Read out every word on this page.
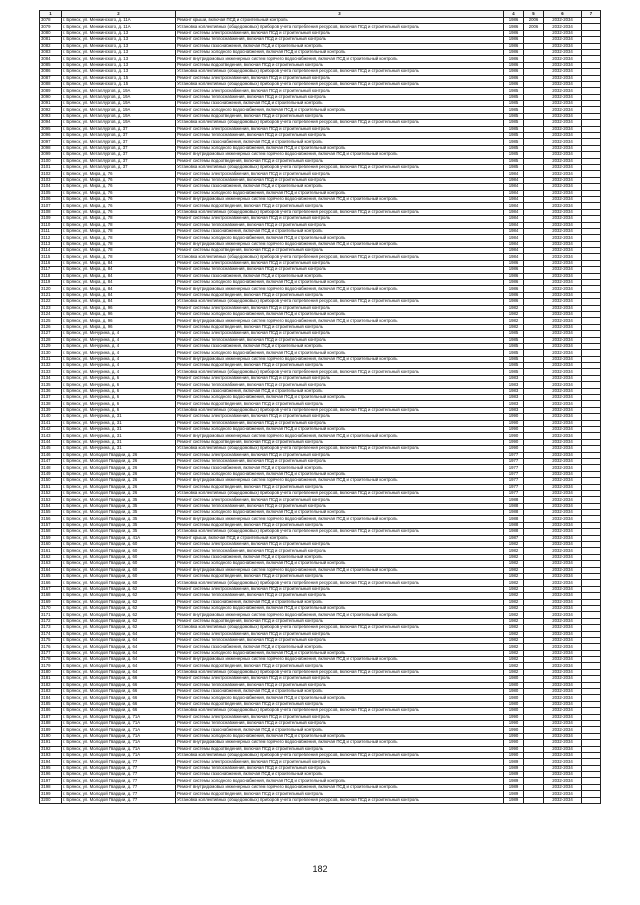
1	2	3	4	5	6	7
3078	г. Брянск, ул. Менжинского, д. 11А	Ремонт крыши, включая ПСД и строительный контроль	1986	2006	2032-2034	
3079	г. Брянск, ул. Менжинского, д. 11А	Установка коллективных (общедомовых) приборов учета потребления ресурсов, включая ПСД и строительный контроль	1986	2006	2032-2034	
3080	г. Брянск, ул. Менжинского, д. 13	Ремонт системы электроснабжения, включая ПСД и строительный контроль	1986		2032-2034	
3081	г. Брянск, ул. Менжинского, д. 13	Ремонт системы теплоснабжения, включая ПСД и строительный контроль	1986		2032-2034	
3082	г. Брянск, ул. Менжинского, д. 13	Ремонт системы газоснабжения, включая ПСД и строительный контроль	1986		2032-2034	
3083	г. Брянск, ул. Менжинского, д. 13	Ремонт системы холодного водоснабжения, включая ПСД и строительный контроль	1986		2032-2034	
3084	г. Брянск, ул. Менжинского, д. 13	Ремонт внутридомовых инженерных систем горячего водоснабжения, включая ПСД и строительный контроль	1986		2032-2034	
3085	г. Брянск, ул. Менжинского, д. 13	Ремонт системы водоотведения, включая ПСД и строительный контроль	1986		2032-2034	
3086	г. Брянск, ул. Менжинского, д. 13	Установка коллективных (общедомовых) приборов учета потребления ресурсов, включая ПСД и строительный контроль	1986		2032-2034	
3087	г. Брянск, ул. Менжинского, д. 15	Ремонт системы электроснабжения, включая ПСД и строительный контроль	1986		2032-2034	
3088	г. Брянск, ул. Менжинского, д. 15	Установка коллективных (общедомовых) приборов учета потребления ресурсов, включая ПСД и строительный контроль	1986		2032-2034	
3089	г. Брянск, ул. Металлургов, д. 19А	Ремонт системы электроснабжения, включая ПСД и строительный контроль	1985		2032-2034	
3090	г. Брянск, ул. Металлургов, д. 19А	Ремонт системы теплоснабжения, включая ПСД и строительный контроль	1985		2032-2034	
3091	г. Брянск, ул. Металлургов, д. 19А	Ремонт системы газоснабжения, включая ПСД и строительный контроль	1985		2032-2034	
3092	г. Брянск, ул. Металлургов, д. 19А	Ремонт системы холодного водоснабжения, включая ПСД и строительный контроль	1985		2032-2034	
3093	г. Брянск, ул. Металлургов, д. 19А	Ремонт системы водоотведения, включая ПСД и строительный контроль	1985		2032-2034	
3094	г. Брянск, ул. Металлургов, д. 19А	Установка коллективных (общедомовых) приборов учета потребления ресурсов, включая ПСД и строительный контроль	1985		2032-2034	
3095	г. Брянск, ул. Металлургов, д. 37	Ремонт системы электроснабжения, включая ПСД и строительный контроль	1985		2032-2034	
3096	г. Брянск, ул. Металлургов, д. 37	Ремонт системы теплоснабжения, включая ПСД и строительный контроль	1985		2032-2034	
3097	г. Брянск, ул. Металлургов, д. 37	Ремонт системы газоснабжения, включая ПСД и строительный контроль	1985		2032-2034	
3098	г. Брянск, ул. Металлургов, д. 37	Ремонт системы холодного водоснабжения, включая ПСД и строительный контроль	1985		2032-2034	
3099	г. Брянск, ул. Металлургов, д. 37	Ремонт внутридомовых инженерных систем горячего водоснабжения, включая ПСД и строительный контроль	1985		2032-2034	
3100	г. Брянск, ул. Металлургов, д. 37	Ремонт системы водоотведения, включая ПСД и строительный контроль	1985		2032-2034	
3101	г. Брянск, ул. Металлургов, д. 37	Установка коллективных (общедомовых) приборов учета потребления ресурсов, включая ПСД и строительный контроль	1985		2032-2034	
3102	г. Брянск, ул. Мира, д. 76	Ремонт системы электроснабжения, включая ПСД и строительный контроль	1984		2032-2034	
3103	г. Брянск, ул. Мира, д. 76	Ремонт системы теплоснабжения, включая ПСД и строительный контроль	1984		2032-2034	
3104	г. Брянск, ул. Мира, д. 76	Ремонт системы газоснабжения, включая ПСД и строительный контроль	1984		2032-2034	
3105	г. Брянск, ул. Мира, д. 76	Ремонт системы холодного водоснабжения, включая ПСД и строительный контроль	1984		2032-2034	
3106	г. Брянск, ул. Мира, д. 76	Ремонт внутридомовых инженерных систем горячего водоснабжения, включая ПСД и строительный контроль	1984		2032-2034	
3107	г. Брянск, ул. Мира, д. 76	Ремонт системы водоотведения, включая ПСД и строительный контроль	1984		2032-2034	
3108	г. Брянск, ул. Мира, д. 76	Установка коллективных (общедомовых) приборов учета потребления ресурсов, включая ПСД и строительный контроль	1984		2032-2034	
3109	г. Брянск, ул. Мира, д. 78	Ремонт системы электроснабжения, включая ПСД и строительный контроль	1984		2032-2034	
3110	г. Брянск, ул. Мира, д. 78	Ремонт системы теплоснабжения, включая ПСД и строительный контроль	1984		2032-2034	
3111	г. Брянск, ул. Мира, д. 78	Ремонт системы газоснабжения, включая ПСД и строительный контроль	1984		2032-2034	
3112	г. Брянск, ул. Мира, д. 78	Ремонт системы холодного водоснабжения, включая ПСД и строительный контроль	1984		2032-2034	
3113	г. Брянск, ул. Мира, д. 78	Ремонт внутридомовых инженерных систем горячего водоснабжения, включая ПСД и строительный контроль	1984		2032-2034	
3114	г. Брянск, ул. Мира, д. 78	Ремонт системы водоотведения, включая ПСД и строительный контроль	1984		2032-2034	
3115	г. Брянск, ул. Мира, д. 78	Установка коллективных (общедомовых) приборов учета потребления ресурсов, включая ПСД и строительный контроль	1984		2032-2034	
3116	г. Брянск, ул. Мира, д. 84	Ремонт системы электроснабжения, включая ПСД и строительный контроль	1986		2032-2034	
3117	г. Брянск, ул. Мира, д. 84	Ремонт системы теплоснабжения, включая ПСД и строительный контроль	1986		2032-2034	
3118	г. Брянск, ул. Мира, д. 84	Ремонт системы газоснабжения, включая ПСД и строительный контроль	1986		2032-2034	
3119	г. Брянск, ул. Мира, д. 84	Ремонт системы холодного водоснабжения, включая ПСД и строительный контроль	1986		2032-2034	
3120	г. Брянск, ул. Мира, д. 84	Ремонт внутридомовых инженерных систем горячего водоснабжения, включая ПСД и строительный контроль	1986		2032-2034	
3121	г. Брянск, ул. Мира, д. 84	Ремонт системы водоотведения, включая ПСД и строительный контроль	1986		2032-2034	
3122	г. Брянск, ул. Мира, д. 84	Установка коллективных (общедомовых) приборов учета потребления ресурсов, включая ПСД и строительный контроль	1986		2032-2034	
3123	г. Брянск, ул. Мира, д. 96	Ремонт системы электроснабжения, включая ПСД и строительный контроль	1982		2032-2034	
3124	г. Брянск, ул. Мира, д. 96	Ремонт системы холодного водоснабжения, включая ПСД и строительный контроль	1982		2032-2034	
3125	г. Брянск, ул. Мира, д. 96	Ремонт внутридомовых инженерных систем горячего водоснабжения, включая ПСД и строительный контроль	1982		2032-2034	
3126	г. Брянск, ул. Мира, д. 96	Ремонт системы водоотведения, включая ПСД и строительный контроль	1982		2032-2034	
3127	г. Брянск, ул. Мичурина, д. 4	Ремонт системы электроснабжения, включая ПСД и строительный контроль	1985		2032-2034	
3128	г. Брянск, ул. Мичурина, д. 4	Ремонт системы теплоснабжения, включая ПСД и строительный контроль	1985		2032-2034	
3129	г. Брянск, ул. Мичурина, д. 4	Ремонт системы газоснабжения, включая ПСД и строительный контроль	1985		2032-2034	
3130	г. Брянск, ул. Мичурина, д. 4	Ремонт системы холодного водоснабжения, включая ПСД и строительный контроль	1985		2032-2034	
3131	г. Брянск, ул. Мичурина, д. 4	Ремонт внутридомовых инженерных систем горячего водоснабжения, включая ПСД и строительный контроль	1985		2032-2034	
3132	г. Брянск, ул. Мичурина, д. 4	Ремонт системы водоотведения, включая ПСД и строительный контроль	1985		2032-2034	
3133	г. Брянск, ул. Мичурина, д. 4	Установка коллективных (общедомовых) приборов учета потребления ресурсов, включая ПСД и строительный контроль	1985		2032-2034	
3134	г. Брянск, ул. Мичурина, д. 6	Ремонт системы электроснабжения, включая ПСД и строительный контроль	1983		2032-2034	
3135	г. Брянск, ул. Мичурина, д. 6	Ремонт системы теплоснабжения, включая ПСД и строительный контроль	1983		2032-2034	
3136	г. Брянск, ул. Мичурина, д. 6	Ремонт системы газоснабжения, включая ПСД и строительный контроль	1983		2032-2034	
3137	г. Брянск, ул. Мичурина, д. 6	Ремонт системы холодного водоснабжения, включая ПСД и строительный контроль	1983		2032-2034	
3138	г. Брянск, ул. Мичурина, д. 6	Ремонт системы водоотведения, включая ПСД и строительный контроль	1983		2032-2034	
3139	г. Брянск, ул. Мичурина, д. 6	Установка коллективных (общедомовых) приборов учета потребления ресурсов, включая ПСД и строительный контроль	1983		2032-2034	
3140	г. Брянск, ул. Мичурина, д. 31	Ремонт системы электроснабжения, включая ПСД и строительный контроль	1990		2032-2034	
3141	г. Брянск, ул. Мичурина, д. 31	Ремонт системы теплоснабжения, включая ПСД и строительный контроль	1990		2032-2034	
3142	г. Брянск, ул. Мичурина, д. 31	Ремонт системы холодного водоснабжения, включая ПСД и строительный контроль	1990		2032-2034	
3143	г. Брянск, ул. Мичурина, д. 31	Ремонт внутридомовых инженерных систем горячего водоснабжения, включая ПСД и строительный контроль	1990		2032-2034	
3144	г. Брянск, ул. Мичурина, д. 31	Ремонт системы водоотведения, включая ПСД и строительный контроль	1990		2032-2034	
3145	г. Брянск, ул. Мичурина, д. 31	Установка коллективных (общедомовых) приборов учета потребления ресурсов, включая ПСД и строительный контроль	1990		2032-2034	
3146	г. Брянск, ул. Молодой Гвардии, д. 26	Ремонт системы электроснабжения, включая ПСД и строительный контроль	1977		2032-2034	
3147	г. Брянск, ул. Молодой Гвардии, д. 26	Ремонт системы теплоснабжения, включая ПСД и строительный контроль	1977		2032-2034	
3148	г. Брянск, ул. Молодой Гвардии, д. 26	Ремонт системы газоснабжения, включая ПСД и строительный контроль	1977		2032-2034	
3149	г. Брянск, ул. Молодой Гвардии, д. 26	Ремонт системы холодного водоснабжения, включая ПСД и строительный контроль	1977		2032-2034	
3150	г. Брянск, ул. Молодой Гвардии, д. 26	Ремонт внутридомовых инженерных систем горячего водоснабжения, включая ПСД и строительный контроль	1977		2032-2034	
3151	г. Брянск, ул. Молодой Гвардии, д. 26	Ремонт системы водоотведения, включая ПСД и строительный контроль	1977		2032-2034	
3152	г. Брянск, ул. Молодой Гвардии, д. 26	Установка коллективных (общедомовых) приборов учета потребления ресурсов, включая ПСД и строительный контроль	1977		2032-2034	
3153	г. Брянск, ул. Молодой Гвардии, д. 35	Ремонт системы электроснабжения, включая ПСД и строительный контроль	1988		2032-2034	
3154	г. Брянск, ул. Молодой Гвардии, д. 35	Ремонт системы теплоснабжения, включая ПСД и строительный контроль	1988		2032-2034	
3155	г. Брянск, ул. Молодой Гвардии, д. 35	Ремонт системы холодного водоснабжения, включая ПСД и строительный контроль	1988		2032-2034	
3156	г. Брянск, ул. Молодой Гвардии, д. 35	Ремонт внутридомовых инженерных систем горячего водоснабжения, включая ПСД и строительный контроль	1988		2032-2034	
3157	г. Брянск, ул. Молодой Гвардии, д. 35	Ремонт системы водоотведения, включая ПСД и строительный контроль	1988		2032-2034	
3158	г. Брянск, ул. Молодой Гвардии, д. 35	Установка коллективных (общедомовых) приборов учета потребления ресурсов, включая ПСД и строительный контроль	1988		2032-2034	
3159	г. Брянск, ул. Молодой Гвардии, д. 41А	Ремонт крыши, включая ПСД и строительный контроль	1987		2032-2034	
3160	г. Брянск, ул. Молодой Гвардии, д. 60	Ремонт системы электроснабжения, включая ПСД и строительный контроль	1982		2032-2034	
3161	г. Брянск, ул. Молодой Гвардии, д. 60	Ремонт системы теплоснабжения, включая ПСД и строительный контроль	1982		2032-2034	
3162	г. Брянск, ул. Молодой Гвардии, д. 60	Ремонт системы газоснабжения, включая ПСД и строительный контроль	1982		2032-2034	
3163	г. Брянск, ул. Молодой Гвардии, д. 60	Ремонт системы холодного водоснабжения, включая ПСД и строительный контроль	1982		2032-2034	
3164	г. Брянск, ул. Молодой Гвардии, д. 60	Ремонт внутридомовых инженерных систем горячего водоснабжения, включая ПСД и строительный контроль	1982		2032-2034	
3165	г. Брянск, ул. Молодой Гвардии, д. 60	Ремонт системы водоотведения, включая ПСД и строительный контроль	1982		2032-2034	
3166	г. Брянск, ул. Молодой Гвардии, д. 60	Установка коллективных (общедомовых) приборов учета потребления ресурсов, включая ПСД и строительный контроль	1982		2032-2034	
3167	г. Брянск, ул. Молодой Гвардии, д. 62	Ремонт системы электроснабжения, включая ПСД и строительный контроль	1982		2032-2034	
3168	г. Брянск, ул. Молодой Гвардии, д. 62	Ремонт системы теплоснабжения, включая ПСД и строительный контроль	1982		2032-2034	
3169	г. Брянск, ул. Молодой Гвардии, д. 62	Ремонт системы газоснабжения, включая ПСД и строительный контроль	1982		2032-2034	
3170	г. Брянск, ул. Молодой Гвардии, д. 62	Ремонт системы холодного водоснабжения, включая ПСД и строительный контроль	1982		2032-2034	
3171	г. Брянск, ул. Молодой Гвардии, д. 62	Ремонт внутридомовых инженерных систем горячего водоснабжения, включая ПСД и строительный контроль	1982		2032-2034	
3172	г. Брянск, ул. Молодой Гвардии, д. 62	Ремонт системы водоотведения, включая ПСД и строительный контроль	1982		2032-2034	
3173	г. Брянск, ул. Молодой Гвардии, д. 62	Установка коллективных (общедомовых) приборов учета потребления ресурсов, включая ПСД и строительный контроль	1982		2032-2034	
3174	г. Брянск, ул. Молодой Гвардии, д. 64	Ремонт системы электроснабжения, включая ПСД и строительный контроль	1982		2032-2034	
3175	г. Брянск, ул. Молодой Гвардии, д. 64	Ремонт системы теплоснабжения, включая ПСД и строительный контроль	1982		2032-2034	
3176	г. Брянск, ул. Молодой Гвардии, д. 64	Ремонт системы газоснабжения, включая ПСД и строительный контроль	1982		2032-2034	
3177	г. Брянск, ул. Молодой Гвардии, д. 64	Ремонт системы холодного водоснабжения, включая ПСД и строительный контроль	1982		2032-2034	
3178	г. Брянск, ул. Молодой Гвардии, д. 64	Ремонт внутридомовых инженерных систем горячего водоснабжения, включая ПСД и строительный контроль	1982		2032-2034	
3179	г. Брянск, ул. Молодой Гвардии, д. 64	Ремонт системы водоотведения, включая ПСД и строительный контроль	1982		2032-2034	
3180	г. Брянск, ул. Молодой Гвардии, д. 64	Установка коллективных (общедомовых) приборов учета потребления ресурсов, включая ПСД и строительный контроль	1982		2032-2034	
3181	г. Брянск, ул. Молодой Гвардии, д. 66	Ремонт системы электроснабжения, включая ПСД и строительный контроль	1980		2032-2034	
3182	г. Брянск, ул. Молодой Гвардии, д. 66	Ремонт системы теплоснабжения, включая ПСД и строительный контроль	1980		2032-2034	
3183	г. Брянск, ул. Молодой Гвардии, д. 66	Ремонт системы газоснабжения, включая ПСД и строительный контроль	1980		2032-2034	
3184	г. Брянск, ул. Молодой Гвардии, д. 66	Ремонт системы холодного водоснабжения, включая ПСД и строительный контроль	1980		2032-2034	
3185	г. Брянск, ул. Молодой Гвардии, д. 66	Ремонт системы водоотведения, включая ПСД и строительный контроль	1980		2032-2034	
3186	г. Брянск, ул. Молодой Гвардии, д. 66	Установка коллективных (общедомовых) приборов учета потребления ресурсов, включая ПСД и строительный контроль	1980		2032-2034	
3187	г. Брянск, ул. Молодой Гвардии, д. 71А	Ремонт системы электроснабжения, включая ПСД и строительный контроль	1990		2032-2034	
3188	г. Брянск, ул. Молодой Гвардии, д. 71А	Ремонт системы теплоснабжения, включая ПСД и строительный контроль	1990		2032-2034	
3189	г. Брянск, ул. Молодой Гвардии, д. 71А	Ремонт системы газоснабжения, включая ПСД и строительный контроль	1990		2032-2034	
3190	г. Брянск, ул. Молодой Гвардии, д. 71А	Ремонт системы холодного водоснабжения, включая ПСД и строительный контроль	1990		2032-2034	
3191	г. Брянск, ул. Молодой Гвардии, д. 71А	Ремонт внутридомовых инженерных систем горячего водоснабжения, включая ПСД и строительный контроль	1990		2032-2034	
3192	г. Брянск, ул. Молодой Гвардии, д. 71А	Ремонт системы водоотведения, включая ПСД и строительный контроль	1990		2032-2034	
3193	г. Брянск, ул. Молодой Гвардии, д. 71А	Установка коллективных (общедомовых) приборов учета потребления ресурсов, включая ПСД и строительный контроль	1990		2032-2034	
3194	г. Брянск, ул. Молодой Гвардии, д. 77	Ремонт системы электроснабжения, включая ПСД и строительный контроль	1989		2032-2034	
3195	г. Брянск, ул. Молодой Гвардии, д. 77	Ремонт системы теплоснабжения, включая ПСД и строительный контроль	1989		2032-2034	
3196	г. Брянск, ул. Молодой Гвардии, д. 77	Ремонт системы газоснабжения, включая ПСД и строительный контроль	1989		2032-2034	
3197	г. Брянск, ул. Молодой Гвардии, д. 77	Ремонт системы холодного водоснабжения, включая ПСД и строительный контроль	1989		2032-2034	
3198	г. Брянск, ул. Молодой Гвардии, д. 77	Ремонт внутридомовых инженерных систем горячего водоснабжения, включая ПСД и строительный контроль	1989		2032-2034	
3199	г. Брянск, ул. Молодой Гвардии, д. 77	Ремонт системы водоотведения, включая ПСД и строительный контроль	1989		2032-2034	
3200	г. Брянск, ул. Молодой Гвардии, д. 77	Установка коллективных (общедомовых) приборов учета потребления ресурсов, включая ПСД и строительный контроль	1989		2032-2034	
182
